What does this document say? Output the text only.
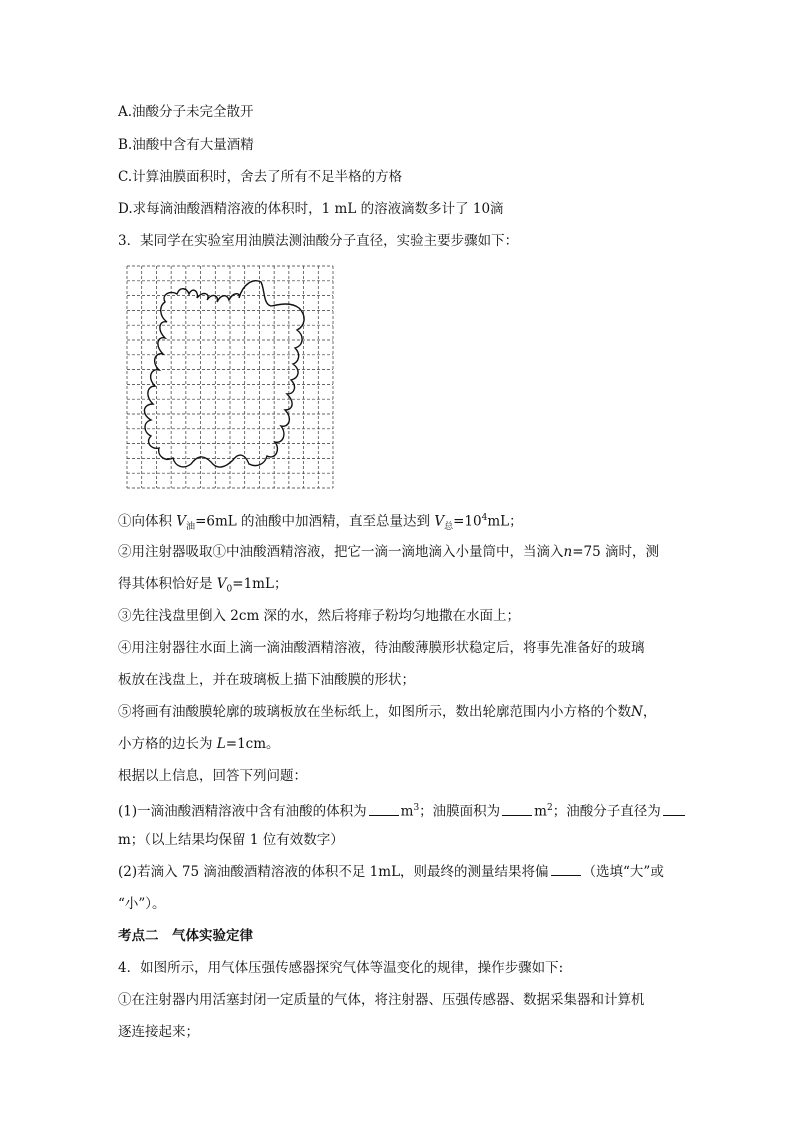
A.油酸分子未完全散开
B.油酸中含有大量酒精
C.计算油膜面积时，舍去了所有不足半格的方格
D.求每滴油酸酒精溶液的体积时，1 mL 的溶液滴数多计了 10滴
3．某同学在实验室用油膜法测油酸分子直径，实验主要步骤如下：
①向体积 $V_油=6mL$ 的油酸中加酒精，直至总量达到 $V_总=10^4mL$；
②用注射器吸取①中油酸酒精溶液，把它一滴一滴地滴入小量筒中，当滴入n=75 滴时，测
得其体积恰好是 $V_0=1mL$；
③先往浅盘里倒入 2cm 深的水，然后将痱子粉均匀地撒在水面上；
④用注射器往水面上滴一滴油酸酒精溶液，待油酸薄膜形状稳定后，将事先准备好的玻璃
板放在浅盘上，并在玻璃板上描下油酸膜的形状；
⑤将画有油酸膜轮廓的玻璃板放在坐标纸上，如图所示，数出轮廓范围内小方格的个数N，
小方格的边长为 L=1cm。
根据以上信息，回答下列问题：
(1)一滴油酸酒精溶液中含有油酸的体积为	$m^3$；油膜面积为	$m^2$；油酸分子直径为
m；（以上结果均保留 1 位有效数字）
(2)若滴入 75 滴油酸酒精溶液的体积不足 1mL，则最终的测量结果将偏	（选填“大”或
“小”）。
考点二　气体实验定律
4．如图所示，用气体压强传感器探究气体等温变化的规律，操作步骤如下:
①在注射器内用活塞封闭一定质量的气体，将注射器、压强传感器、数据采集器和计算机
逐连接起来；
